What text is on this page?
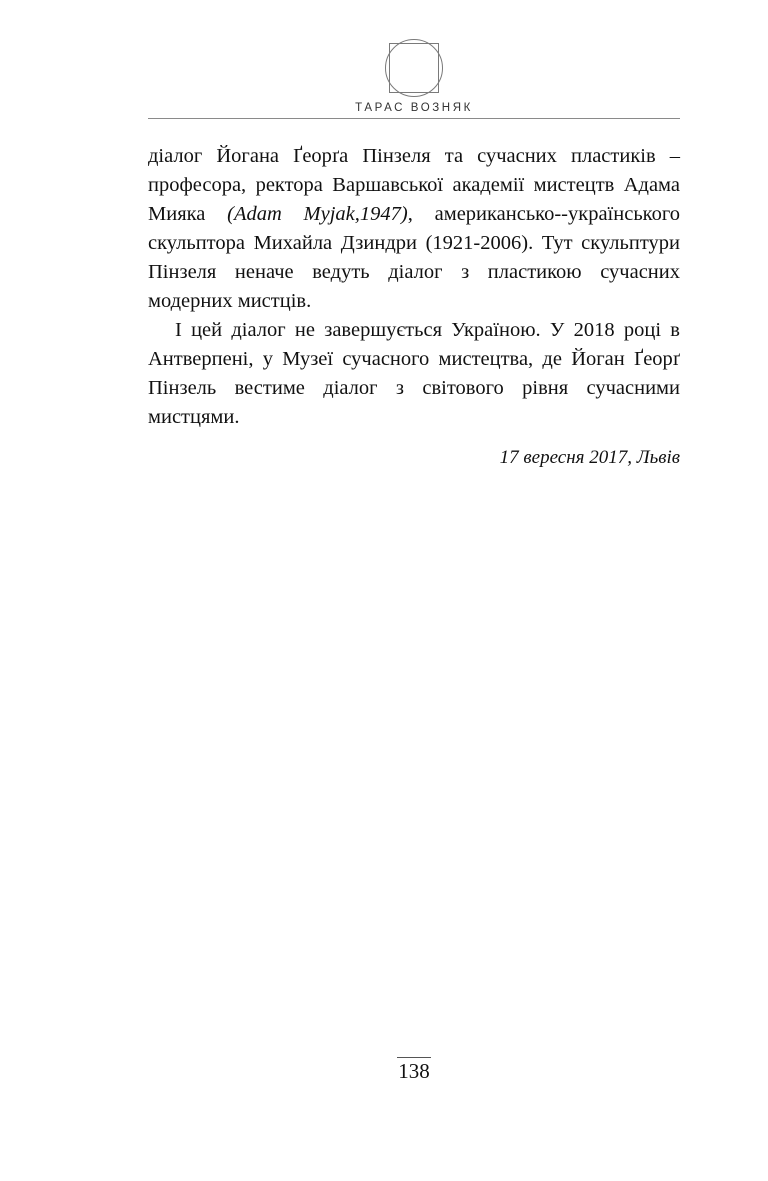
ТАРАС ВОЗНЯК

діалог Йогана Ґеорґа Пінзеля та сучасних пластиків – професора, ректора Варшавської академії мистецтв Адама Мияка (Adam Myjak,1947), американсько--українського скульптора Михайла Дзиндри (1921-2006). Тут скульптури Пінзеля неначе ведуть діалог з пластикою сучасних модерних мистців.

І цей діалог не завершується Україною. У 2018 році в Антверпені, у Музеї сучасного мистецтва, де Йоган Ґеорґ Пінзель вестиме діалог з світового рівня сучасними мистцями.

17 вересня 2017, Львів
138
